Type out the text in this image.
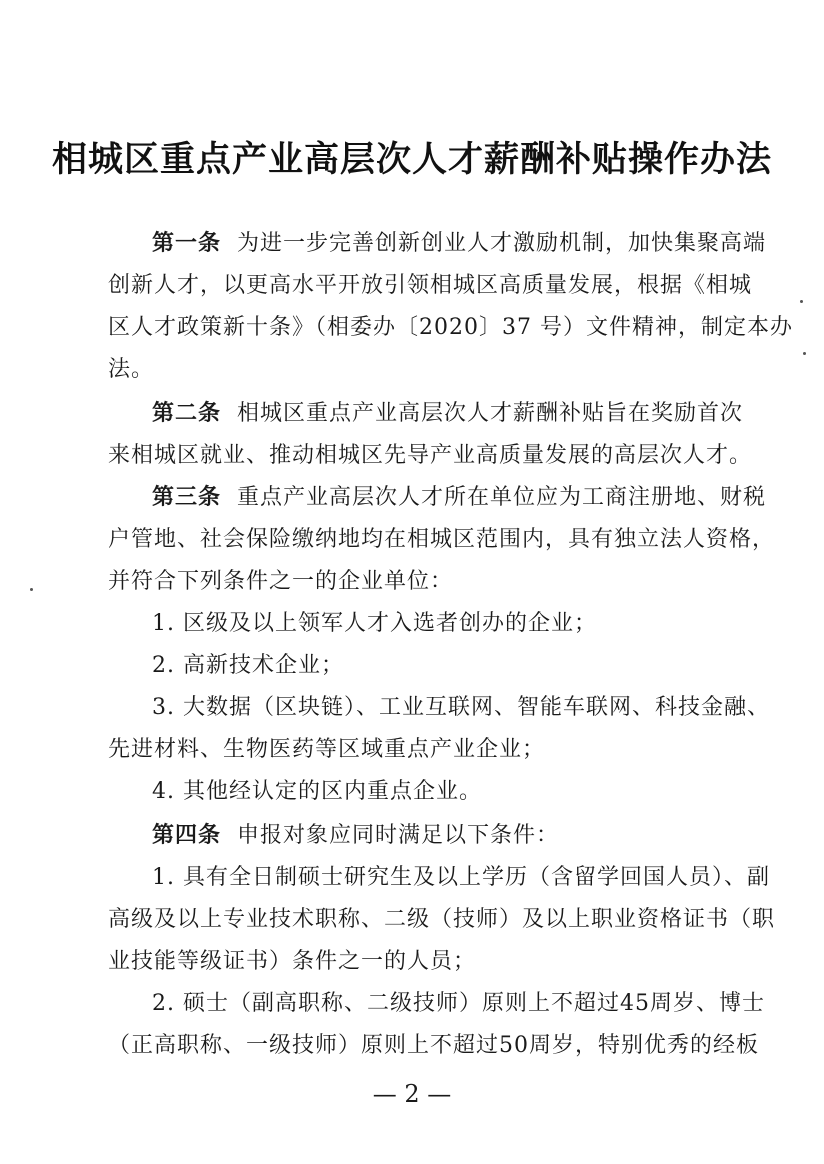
相城区重点产业高层次人才薪酬补贴操作办法
第一条 为进一步完善创新创业人才激励机制，加快集聚高端
创新人才，以更高水平开放引领相城区高质量发展，根据《相城
区人才政策新十条》（相委办〔2020〕37 号）文件精神，制定本办
法。
第二条 相城区重点产业高层次人才薪酬补贴旨在奖励首次
来相城区就业、推动相城区先导产业高质量发展的高层次人才。
第三条 重点产业高层次人才所在单位应为工商注册地、财税
户管地、社会保险缴纳地均在相城区范围内，具有独立法人资格，
并符合下列条件之一的企业单位：
1. 区级及以上领军人才入选者创办的企业；
2. 高新技术企业；
3. 大数据（区块链）、工业互联网、智能车联网、科技金融、
先进材料、生物医药等区域重点产业企业；
4. 其他经认定的区内重点企业。
第四条 申报对象应同时满足以下条件：
1. 具有全日制硕士研究生及以上学历（含留学回国人员）、副
高级及以上专业技术职称、二级（技师）及以上职业资格证书（职
业技能等级证书）条件之一的人员；
2. 硕士（副高职称、二级技师）原则上不超过45周岁、博士
（正高职称、一级技师）原则上不超过50周岁，特别优秀的经板
— 2 —
